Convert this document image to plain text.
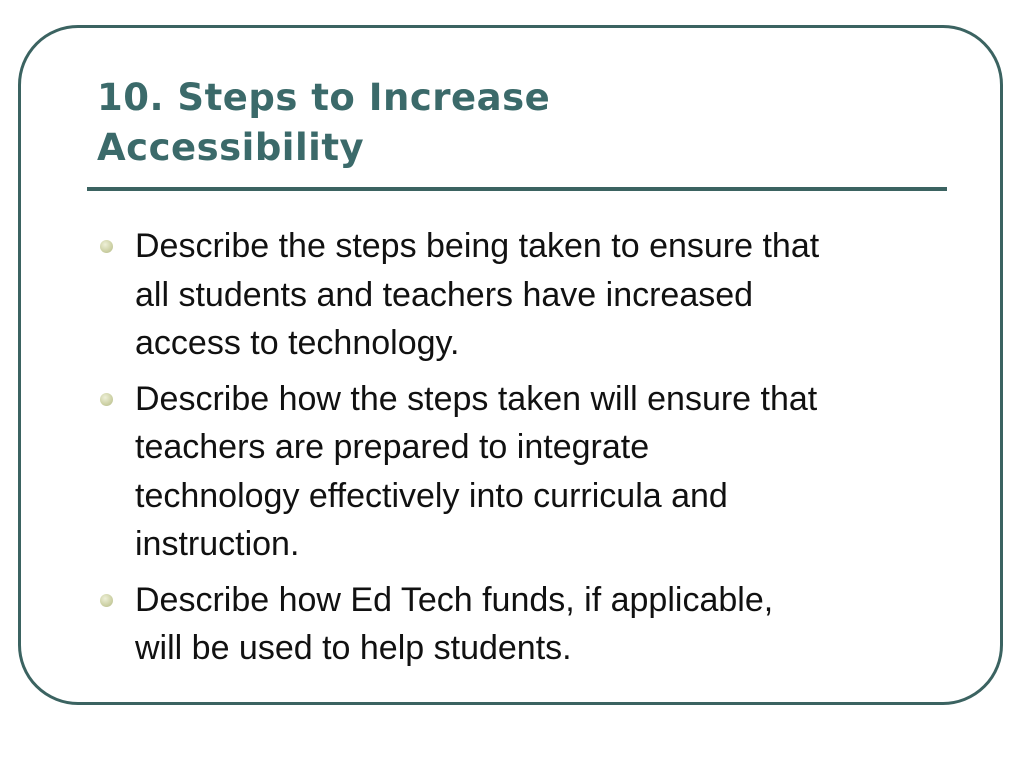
10. Steps to Increase
Accessibility
Describe the steps being taken to ensure that
all students and teachers have increased
access to technology.
Describe how the steps taken will ensure that
teachers are prepared to integrate
technology effectively into curricula and
instruction.
Describe how Ed Tech funds, if applicable,
will be used to help students.
